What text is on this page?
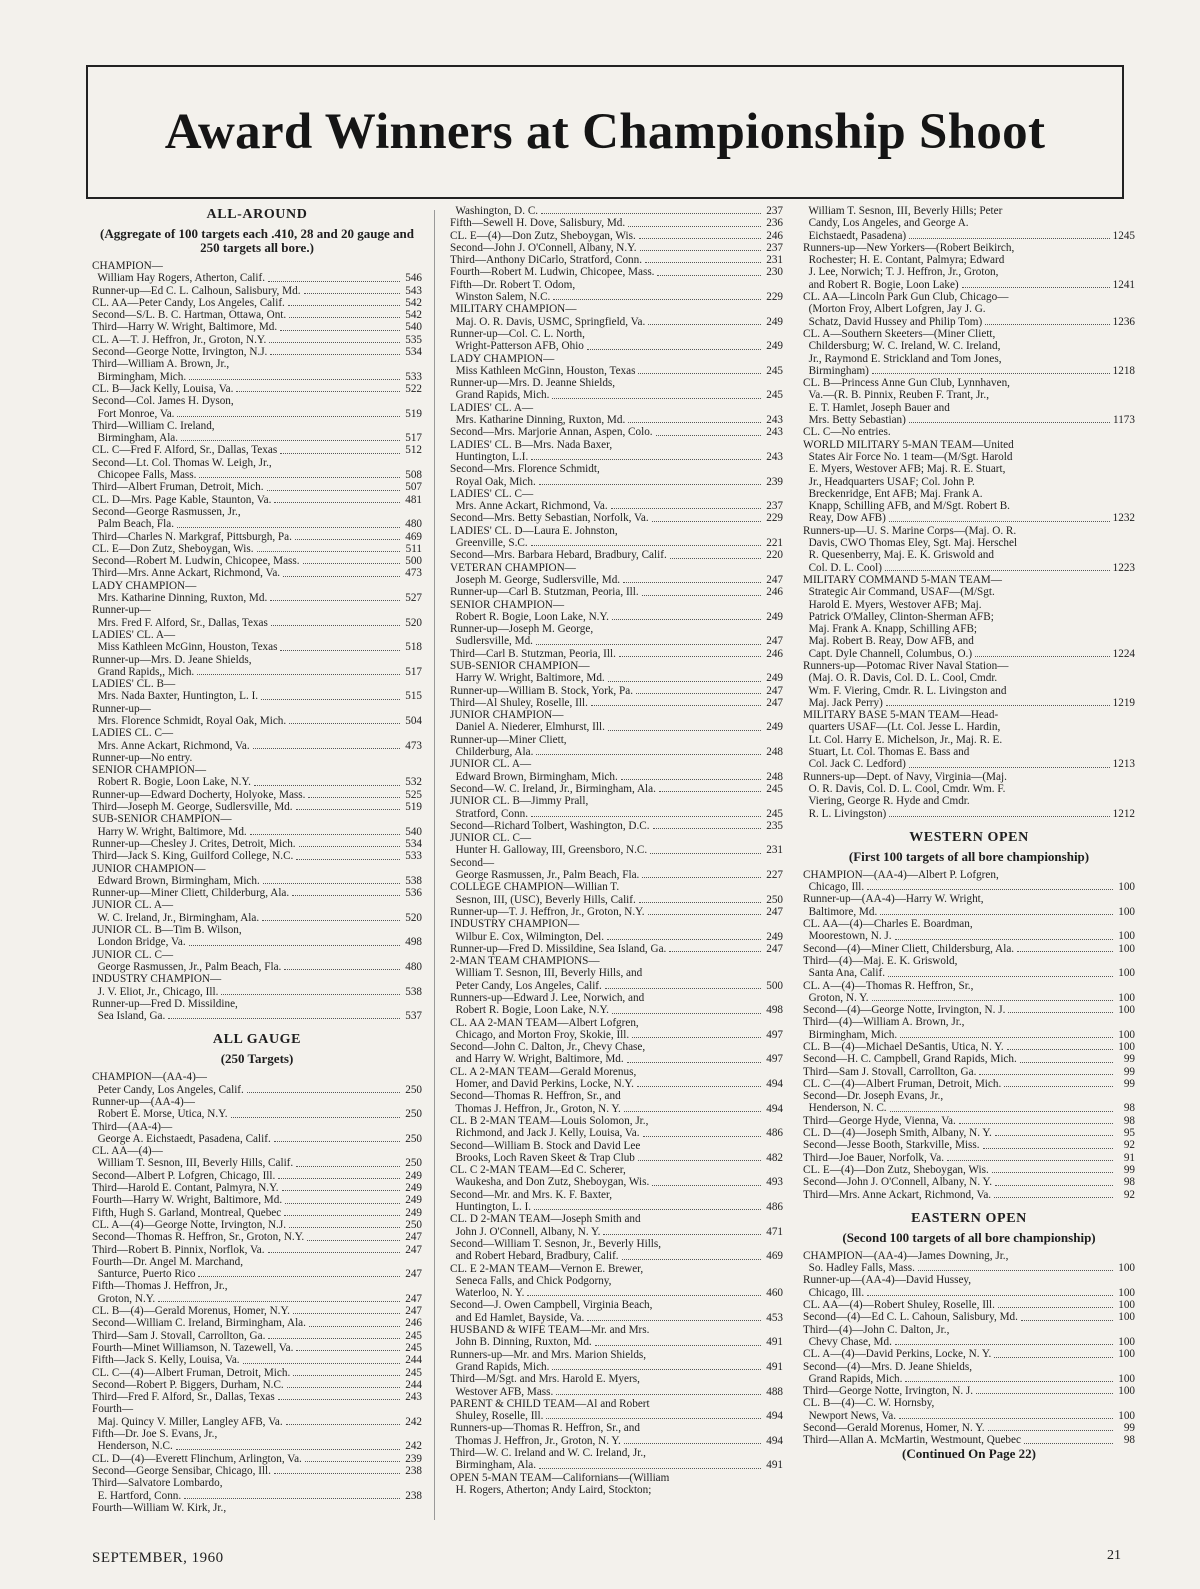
Award Winners at Championship Shoot
ALL-AROUND
(Aggregate of 100 targets each .410, 28 and 20 gauge and 250 targets all bore.)
CHAMPION—
William Hay Rogers, Atherton, Calif.	546
Runner-up—Ed C. L. Calhoun, Salisbury, Md.	543
CL. AA—Peter Candy, Los Angeles, Calif.	542
Second—S/L. B. C. Hartman, Ottawa, Ont.	542
Third—Harry W. Wright, Baltimore, Md.	540
CL. A—T. J. Heffron, Jr., Groton, N.Y.	535
Second—George Notte, Irvington, N.J.	534
Third—William A. Brown, Jr.,
Birmingham, Mich.	533
CL. B—Jack Kelly, Louisa, Va.	522
Second—Col. James H. Dyson,
Fort Monroe, Va.	519
Third—William C. Ireland,
Birmingham, Ala.	517
CL. C—Fred F. Alford, Sr., Dallas, Texas	512
Second—Lt. Col. Thomas W. Leigh, Jr.,
Chicopee Falls, Mass.	508
Third—Albert Fruman, Detroit, Mich.	507
CL. D—Mrs. Page Kable, Staunton, Va.	481
Second—George Rasmussen, Jr.,
Palm Beach, Fla.	480
Third—Charles N. Markgraf, Pittsburgh, Pa.	469
CL. E—Don Zutz, Sheboygan, Wis.	511
Second—Robert M. Ludwin, Chicopee, Mass.	500
Third—Mrs. Anne Ackart, Richmond, Va.	473
LADY CHAMPION—
Mrs. Katharine Dinning, Ruxton, Md.	527
Runner-up—
Mrs. Fred F. Alford, Sr., Dallas, Texas	520
LADIES' CL. A—
Miss Kathleen McGinn, Houston, Texas	518
Runner-up—Mrs. D. Jeane Shields,
Grand Rapids,, Mich.	517
LADIES' CL. B—
Mrs. Nada Baxter, Huntington, L. I.	515
Runner-up—
Mrs. Florence Schmidt, Royal Oak, Mich.	504
LADIES CL. C—
Mrs. Anne Ackart, Richmond, Va.	473
Runner-up—No entry.
SENIOR CHAMPION—
Robert R. Bogie, Loon Lake, N.Y.	532
Runner-up—Edward Docherty, Holyoke, Mass.	525
Third—Joseph M. George, Sudlersville, Md.	519
SUB-SENIOR CHAMPION—
Harry W. Wright, Baltimore, Md.	540
Runner-up—Chesley J. Crites, Detroit, Mich.	534
Third—Jack S. King, Guilford College, N.C.	533
JUNIOR CHAMPION—
Edward Brown, Birmingham, Mich.	538
Runner-up—Miner Cliett, Childerburg, Ala.	536
JUNIOR CL. A—
W. C. Ireland, Jr., Birmingham, Ala.	520
JUNIOR CL. B—Tim B. Wilson,
London Bridge, Va.	498
JUNIOR CL. C—
George Rasmussen, Jr., Palm Beach, Fla.	480
INDUSTRY CHAMPION—
J. V. Eliot, Jr., Chicago, Ill.	538
Runner-up—Fred D. Missildine,
Sea Island, Ga.	537
ALL GAUGE
(250 Targets)
CHAMPION—(AA-4)—
Peter Candy, Los Angeles, Calif.	250
Runner-up—(AA-4)—
Robert E. Morse, Utica, N.Y.	250
Third—(AA-4)—
George A. Eichstaedt, Pasadena, Calif.	250
CL. AA—(4)—
William T. Sesnon, III, Beverly Hills, Calif.	250
Second—Albert P. Lofgren, Chicago, Ill.	249
Third—Harold E. Contant, Palmyra, N.Y.	249
Fourth—Harry W. Wright, Baltimore, Md.	249
Fifth, Hugh S. Garland, Montreal, Quebec	249
CL. A—(4)—George Notte, Irvington, N.J.	250
Second—Thomas R. Heffron, Sr., Groton, N.Y.	247
Third—Robert B. Pinnix, Norflok, Va.	247
Fourth—Dr. Angel M. Marchand,
Santurce, Puerto Rico	247
Fifth—Thomas J. Heffron, Jr.,
Groton, N.Y.	247
CL. B—(4)—Gerald Morenus, Homer, N.Y.	247
Second—William C. Ireland, Birmingham, Ala.	246
Third—Sam J. Stovall, Carrollton, Ga.	245
Fourth—Minet Williamson, N. Tazewell, Va.	245
Fifth—Jack S. Kelly, Louisa, Va.	244
CL. C—(4)—Albert Fruman, Detroit, Mich.	245
Second—Robert P. Biggers, Durham, N.C.	244
Third—Fred F. Alford, Sr., Dallas, Texas	243
Fourth—
Maj. Quincy V. Miller, Langley AFB, Va.	242
Fifth—Dr. Joe S. Evans, Jr.,
Henderson, N.C.	242
CL. D—(4)—Everett Flinchum, Arlington, Va.	239
Second—George Sensibar, Chicago, Ill.	238
Third—Salvatore Lombardo,
E. Hartford, Conn.	238
Fourth—William W. Kirk, Jr.,
Washington, D. C.	237
Fifth—Sewell H. Dove, Salisbury, Md.	236
CL. E—(4)—Don Zutz, Sheboygan, Wis.	246
Second—John J. O'Connell, Albany, N.Y.	237
Third—Anthony DiCarlo, Stratford, Conn.	231
Fourth—Robert M. Ludwin, Chicopee, Mass.	230
Fifth—Dr. Robert T. Odom,
Winston Salem, N.C.	229
MILITARY CHAMPION—
Maj. O. R. Davis, USMC, Springfield, Va.	249
Runner-up—Col. C. L. North,
Wright-Patterson AFB, Ohio	249
LADY CHAMPION—
Miss Kathleen McGinn, Houston, Texas	245
Runner-up—Mrs. D. Jeanne Shields,
Grand Rapids, Mich.	245
LADIES' CL. A—
Mrs. Katharine Dinning, Ruxton, Md.	243
Second—Mrs. Marjorie Annan, Aspen, Colo.	243
LADIES' CL. B—Mrs. Nada Baxer,
Huntington, L.I.	243
Second—Mrs. Florence Schmidt,
Royal Oak, Mich.	239
LADIES' CL. C—
Mrs. Anne Ackart, Richmond, Va.	237
Second—Mrs. Betty Sebastian, Norfolk, Va.	229
LADIES' CL. D—Laura E. Johnston,
Greenville, S.C.	221
Second—Mrs. Barbara Hebard, Bradbury, Calif.	220
VETERAN CHAMPION—
Joseph M. George, Sudlersville, Md.	247
Runner-up—Carl B. Stutzman, Peoria, Ill.	246
SENIOR CHAMPION—
Robert R. Bogie, Loon Lake, N.Y.	249
Runner-up—Joseph M. George,
Sudlersville, Md.	247
Third—Carl B. Stutzman, Peoria, Ill.	246
SUB-SENIOR CHAMPION—
Harry W. Wright, Baltimore, Md.	249
Runner-up—William B. Stock, York, Pa.	247
Third—Al Shuley, Roselle, Ill.	247
JUNIOR CHAMPION—
Daniel A. Niederer, Elmhurst, Ill.	249
Runner-up—Miner Cliett,
Childerburg, Ala.	248
JUNIOR CL. A—
Edward Brown, Birmingham, Mich.	248
Second—W. C. Ireland, Jr., Birmingham, Ala.	245
JUNIOR CL. B—Jimmy Prall,
Stratford, Conn.	245
Second—Richard Tolbert, Washington, D.C.	235
JUNIOR CL. C—
Hunter H. Galloway, III, Greensboro, N.C.	231
Second—
George Rasmussen, Jr., Palm Beach, Fla.	227
COLLEGE CHAMPION—Willian T.
Sesnon, III, (USC), Beverly Hills, Calif.	250
Runner-up—T. J. Heffron, Jr., Groton, N.Y.	247
INDUSTRY CHAMPION—
Wilbur E. Cox, Wilmington, Del.	249
Runner-up—Fred D. Missildine, Sea Island, Ga.	247
2-MAN TEAM CHAMPIONS—
William T. Sesnon, III, Beverly Hills, and
Peter Candy, Los Angeles, Calif.	500
Runners-up—Edward J. Lee, Norwich, and
Robert R. Bogie, Loon Lake, N.Y.	498
CL. AA 2-MAN TEAM—Albert Lofgren,
Chicago, and Morton Froy, Skokie, Ill.	497
Second—John C. Dalton, Jr., Chevy Chase,
and Harry W. Wright, Baltimore, Md.	497
CL. A 2-MAN TEAM—Gerald Morenus,
Homer, and David Perkins, Locke, N.Y.	494
Second—Thomas R. Heffron, Sr., and
Thomas J. Heffron, Jr., Groton, N. Y.	494
CL. B 2-MAN TEAM—Louis Solomon, Jr.,
Richmond, and Jack J. Kelly, Louisa, Va.	486
Second—William B. Stock and David Lee
Brooks, Loch Raven Skeet & Trap Club	482
CL. C 2-MAN TEAM—Ed C. Scherer,
Waukesha, and Don Zutz, Sheboygan, Wis.	493
Second—Mr. and Mrs. K. F. Baxter,
Huntington, L. I.	486
CL. D 2-MAN TEAM—Joseph Smith and
John J. O'Connell, Albany, N. Y.	471
Second—William T. Sesnon, Jr., Beverly Hills,
and Robert Hebard, Bradbury, Calif.	469
CL. E 2-MAN TEAM—Vernon E. Brewer,
Seneca Falls, and Chick Podgorny,
Waterloo, N. Y.	460
Second—J. Owen Campbell, Virginia Beach,
and Ed Hamlet, Bayside, Va.	453
HUSBAND & WIFE TEAM—Mr. and Mrs.
John B. Dinning, Ruxton, Md.	491
Runners-up—Mr. and Mrs. Marion Shields,
Grand Rapids, Mich.	491
Third—M/Sgt. and Mrs. Harold E. Myers,
Westover AFB, Mass.	488
PARENT & CHILD TEAM—Al and Robert
Shuley, Roselle, Ill.	494
Runners-up—Thomas R. Heffron, Sr., and
Thomas J. Heffron, Jr., Groton, N. Y.	494
Third—W. C. Ireland and W. C. Ireland, Jr.,
Birmingham, Ala.	491
OPEN 5-MAN TEAM—Californians—(William
H. Rogers, Atherton; Andy Laird, Stockton;
William T. Sesnon, III, Beverly Hills; Peter
Candy, Los Angeles, and George A.
Eichstaedt, Pasadena)	1245
Runners-up—New Yorkers—(Robert Beikirch,
Rochester; H. E. Contant, Palmyra; Edward
J. Lee, Norwich; T. J. Heffron, Jr., Groton,
and Robert R. Bogie, Loon Lake)	1241
CL. AA—Lincoln Park Gun Club, Chicago—
(Morton Froy, Albert Lofgren, Jay J. G.
Schatz, David Hussey and Philip Tom)	1236
CL. A—Southern Skeeters—(Miner Cliett,
Childersburg; W. C. Ireland, W. C. Ireland,
Jr., Raymond E. Strickland and Tom Jones,
Birmingham)	1218
CL. B—Princess Anne Gun Club, Lynnhaven,
Va.—(R. B. Pinnix, Reuben F. Trant, Jr.,
E. T. Hamlet, Joseph Bauer and
Mrs. Betty Sebastian)	1173
CL. C—No entries.
WORLD MILITARY 5-MAN TEAM—United
States Air Force No. 1 team—(M/Sgt. Harold
E. Myers, Westover AFB; Maj. R. E. Stuart,
Jr., Headquarters USAF; Col. John P.
Breckenridge, Ent AFB; Maj. Frank A.
Knapp, Schilling AFB, and M/Sgt. Robert B.
Reay, Dow AFB)	1232
Runners-up—U. S. Marine Corps—(Maj. O. R.
Davis, CWO Thomas Eley, Sgt. Maj. Herschel
R. Quesenberry, Maj. E. K. Griswold and
Col. D. L. Cool)	1223
MILITARY COMMAND 5-MAN TEAM—
Strategic Air Command, USAF—(M/Sgt.
Harold E. Myers, Westover AFB; Maj.
Patrick O'Malley, Clinton-Sherman AFB;
Maj. Frank A. Knapp, Schilling AFB;
Maj. Robert B. Reay, Dow AFB, and
Capt. Dyle Channell, Columbus, O.)	1224
Runners-up—Potomac River Naval Station—
(Maj. O. R. Davis, Col. D. L. Cool, Cmdr.
Wm. F. Viering, Cmdr. R. L. Livingston and
Maj. Jack Perry)	1219
MILITARY BASE 5-MAN TEAM—Head-
quarters USAF—(Lt. Col. Jesse L. Hardin,
Lt. Col. Harry E. Michelson, Jr., Maj. R. E.
Stuart, Lt. Col. Thomas E. Bass and
Col. Jack C. Ledford)	1213
Runners-up—Dept. of Navy, Virginia—(Maj.
O. R. Davis, Col. D. L. Cool, Cmdr. Wm. F.
Viering, George R. Hyde and Cmdr.
R. L. Livingston)	1212
WESTERN OPEN
(First 100 targets of all bore championship)
CHAMPION—(AA-4)—Albert P. Lofgren,
Chicago, Ill.	100
Runner-up—(AA-4)—Harry W. Wright,
Baltimore, Md.	100
CL. AA—(4)—Charles E. Boardman,
Moorestown, N. J.	100
Second—(4)—Miner Cliett, Childersburg, Ala.	100
Third—(4)—Maj. E. K. Griswold,
Santa Ana, Calif.	100
CL. A—(4)—Thomas R. Heffron, Sr.,
Groton, N. Y.	100
Second—(4)—George Notte, Irvington, N. J.	100
Third—(4)—William A. Brown, Jr.,
Birmingham, Mich.	100
CL. B—(4)—Michael DeSantis, Utica, N. Y.	100
Second—H. C. Campbell, Grand Rapids, Mich.	99
Third—Sam J. Stovall, Carrollton, Ga.	99
CL. C—(4)—Albert Fruman, Detroit, Mich.	99
Second—Dr. Joseph Evans, Jr.,
Henderson, N. C.	98
Third—George Hyde, Vienna, Va.	98
CL. D—(4)—Joseph Smith, Albany, N. Y.	95
Second—Jesse Booth, Starkville, Miss.	92
Third—Joe Bauer, Norfolk, Va.	91
CL. E—(4)—Don Zutz, Sheboygan, Wis.	99
Second—John J. O'Connell, Albany, N. Y.	98
Third—Mrs. Anne Ackart, Richmond, Va.	92
EASTERN OPEN
(Second 100 targets of all bore championship)
CHAMPION—(AA-4)—James Downing, Jr.,
So. Hadley Falls, Mass.	100
Runner-up—(AA-4)—David Hussey,
Chicago, Ill.	100
CL. AA—(4)—Robert Shuley, Roselle, Ill.	100
Second—(4)—Ed C. L. Cahoun, Salisbury, Md.	100
Third—(4)—John C. Dalton, Jr.,
Chevy Chase, Md.	100
CL. A—(4)—David Perkins, Locke, N. Y.	100
Second—(4)—Mrs. D. Jeane Shields,
Grand Rapids, Mich.	100
Third—George Notte, Irvington, N. J.	100
CL. B—(4)—C. W. Hornsby,
Newport News, Va.	100
Second—Gerald Morenus, Homer, N. Y.	99
Third—Allan A. McMartin, Westmount, Quebec	98
(Continued On Page 22)
SEPTEMBER, 1960	21
